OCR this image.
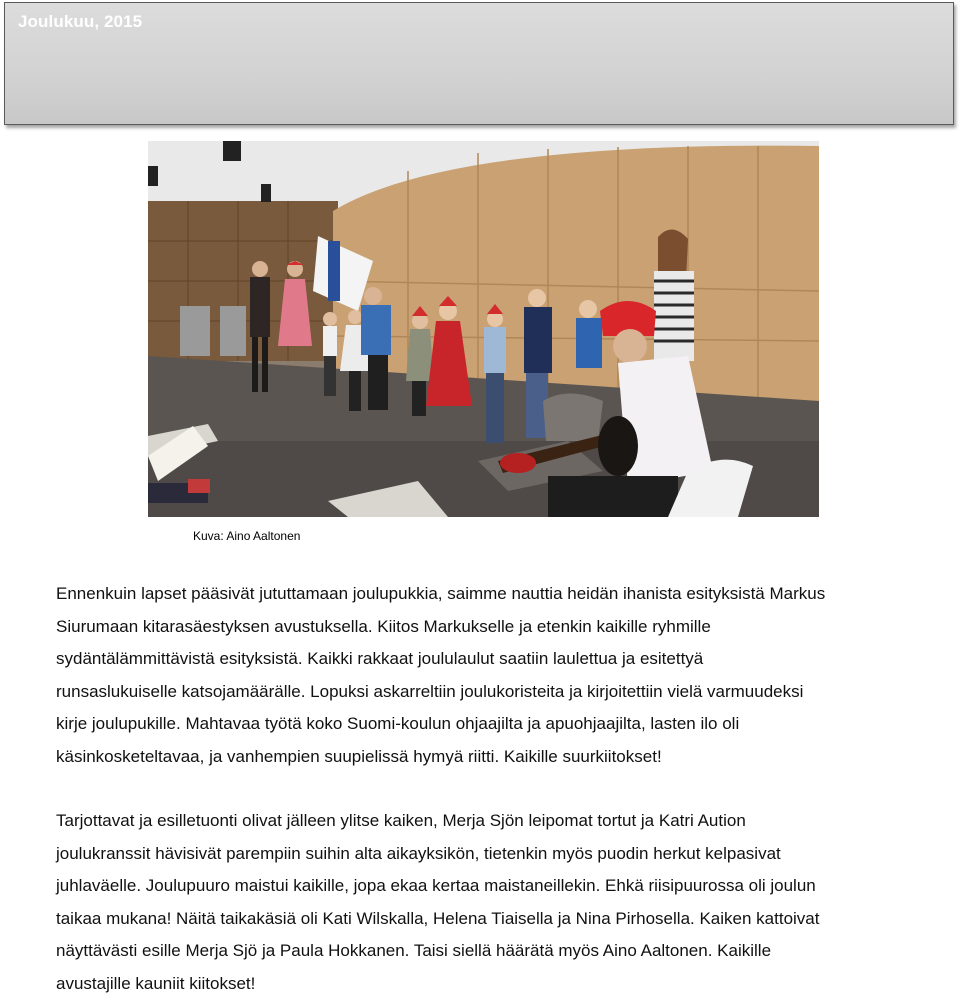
Joulukuu, 2015
Kuva: Aino Aaltonen

Ennenkuin lapset pääsivät jututtamaan joulupukkia, saimme nauttia heidän ihanista esityksistä Markus
Siurumaan kitarasäestyksen avustuksella. Kiitos Markukselle ja etenkin kaikille ryhmille
sydäntälämmittävistä esityksistä. Kaikki rakkaat joululaulut saatiin laulettua ja esitettyä
runsaslukuiselle katsojamäärälle. Lopuksi askarreltiin joulukoristeita ja kirjoitettiin vielä varmuudeksi
kirje joulupukille. Mahtavaa työtä koko Suomi-koulun ohjaajilta ja apuohjaajilta, lasten ilo oli
käsinkosketeltavaa, ja vanhempien suupielissä hymyä riitti. Kaikille suurkiitokset!

Tarjottavat ja esilletuonti olivat jälleen ylitse kaiken, Merja Sjön leipomat tortut ja Katri Aution
joulukranssit hävisivät parempiin suihin alta aikayksikön, tietenkin myös puodin herkut kelpasivat
juhlaväelle. Joulupuuro maistui kaikille, jopa ekaa kertaa maistaneillekin. Ehkä riisipuurossa oli joulun
taikaa mukana! Näitä taikakäsiä oli Kati Wilskalla, Helena Tiaisella ja Nina Pirhosella. Kaiken kattoivat
näyttävästi esille Merja Sjö ja Paula Hokkanen. Taisi siellä häärätä myös Aino Aaltonen. Kaikille
avustajille kauniit kiitokset!
